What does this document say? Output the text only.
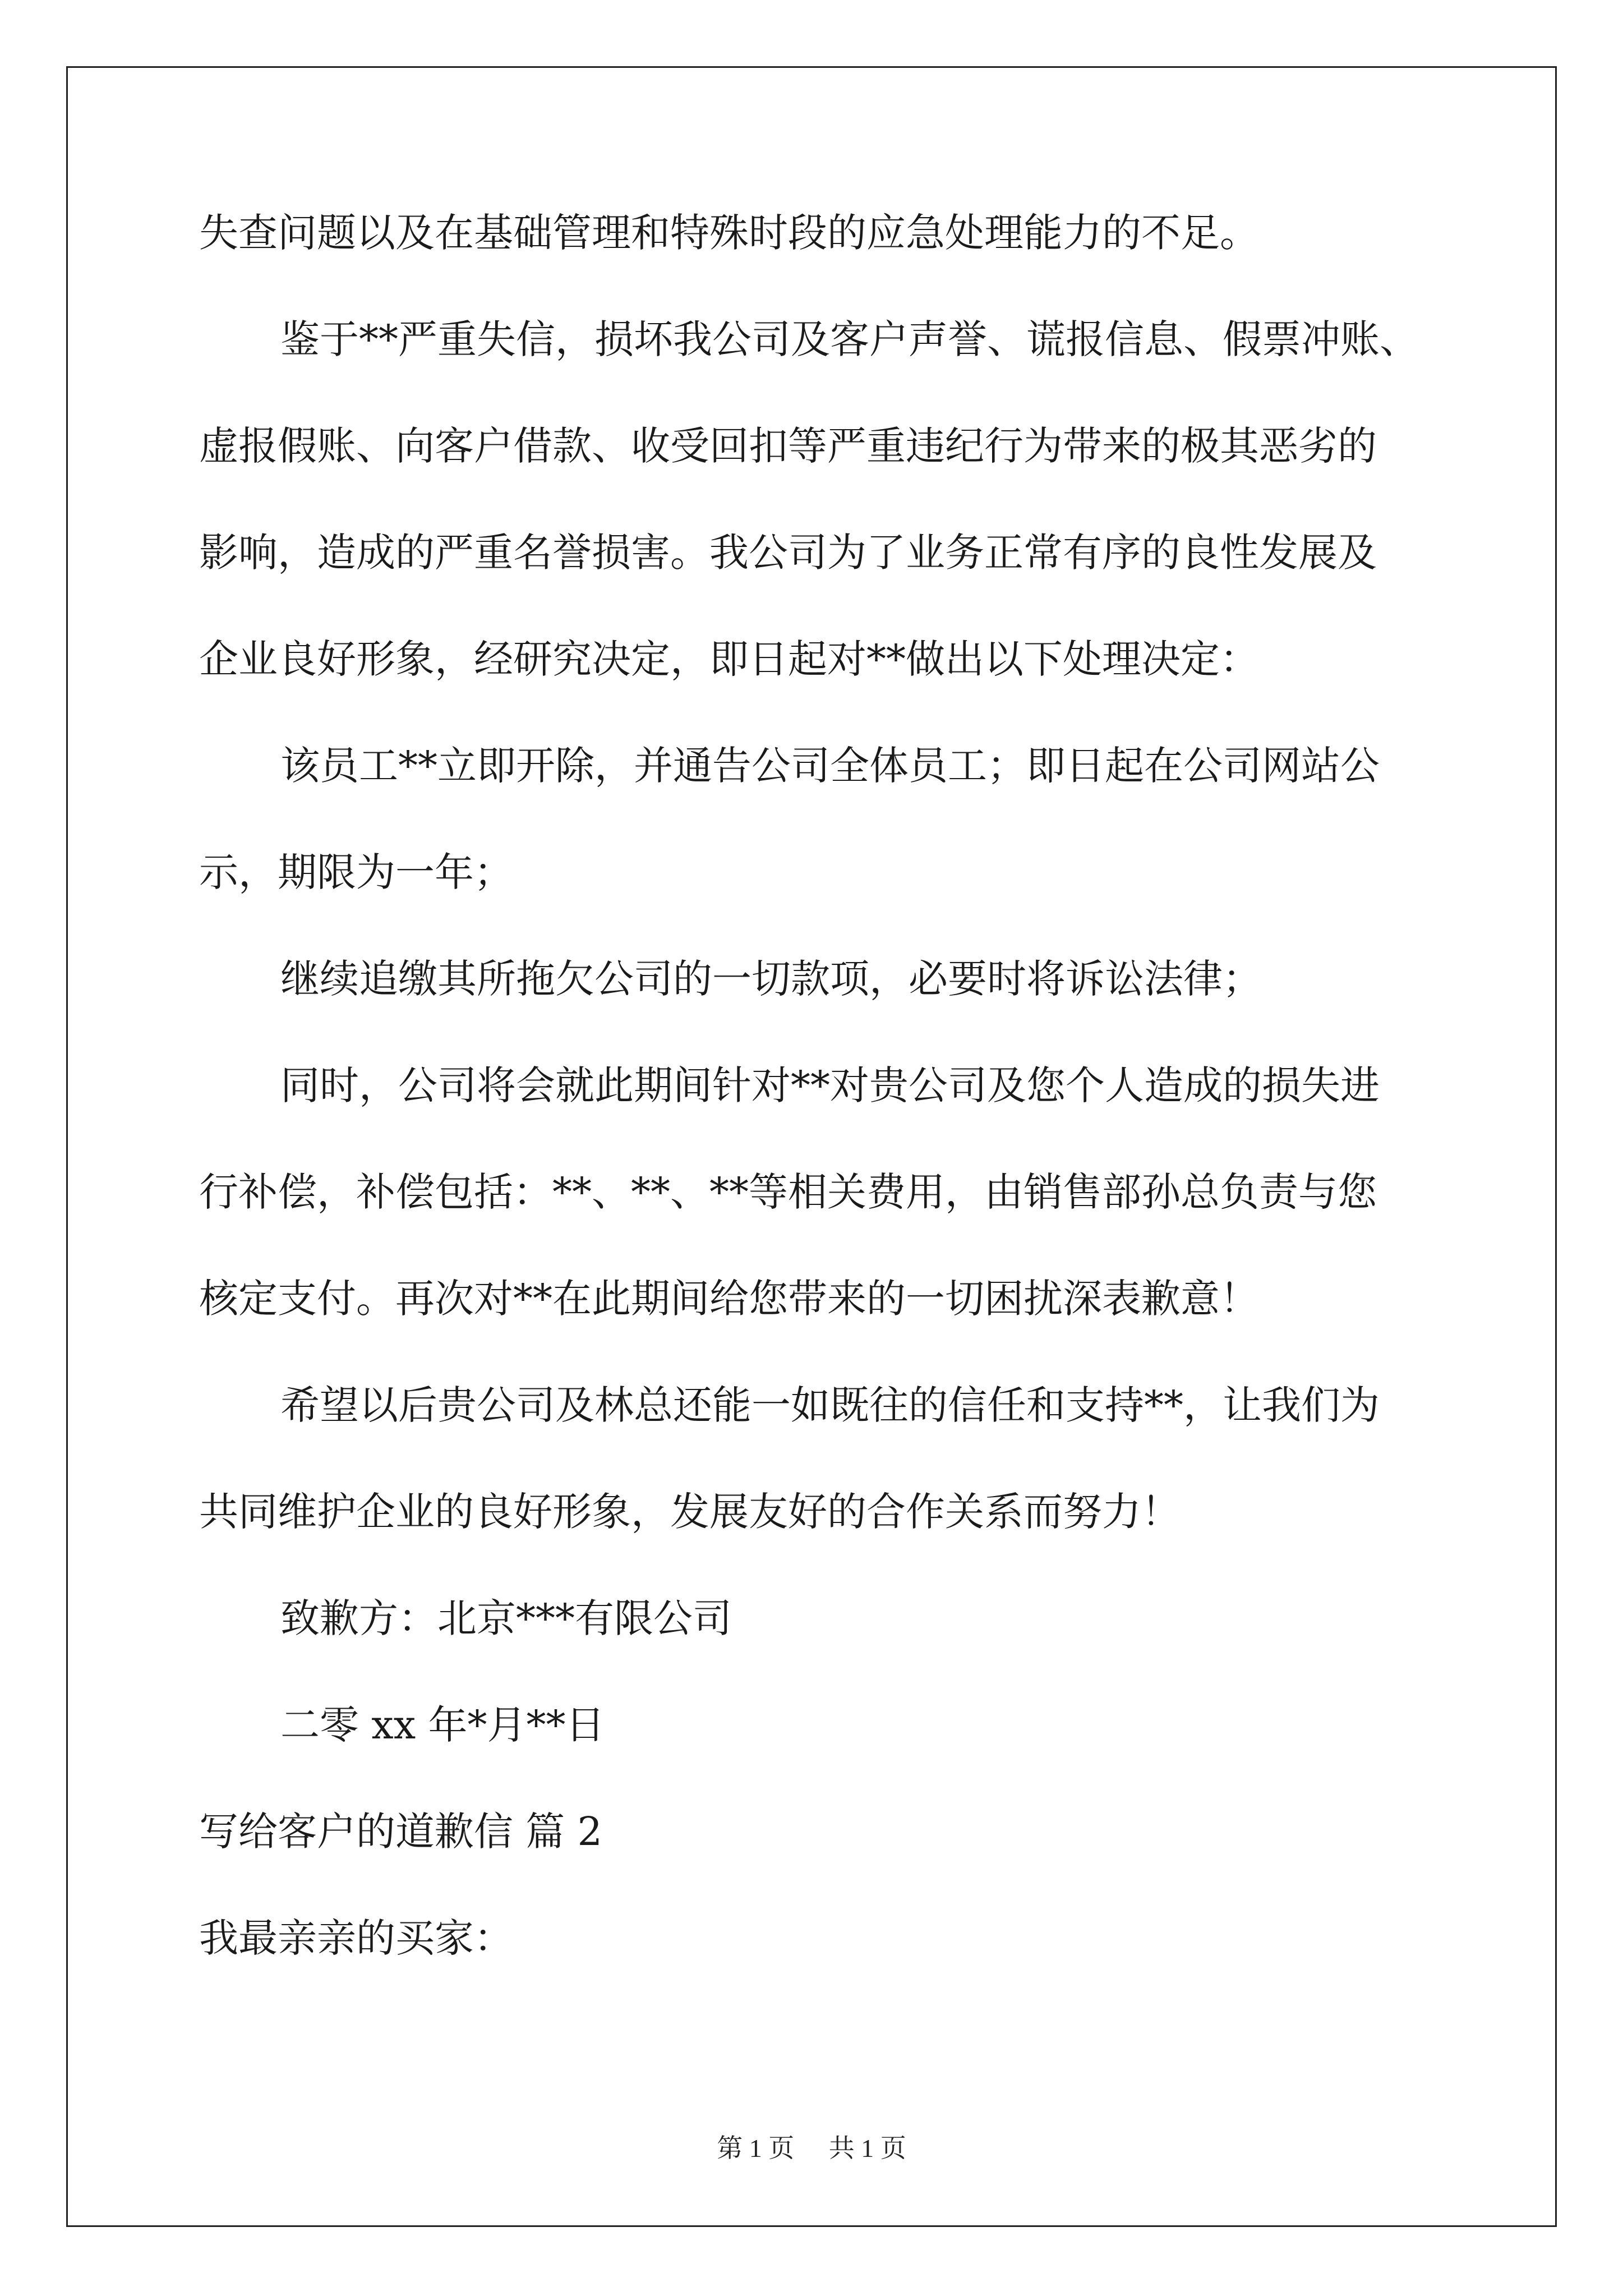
失查问题以及在基础管理和特殊时段的应急处理能力的不足。
鉴于**严重失信，损坏我公司及客户声誉、谎报信息、假票冲账、
虚报假账、向客户借款、收受回扣等严重违纪行为带来的极其恶劣的
影响，造成的严重名誉损害。我公司为了业务正常有序的良性发展及
企业良好形象，经研究决定，即日起对**做出以下处理决定：
该员工**立即开除，并通告公司全体员工；即日起在公司网站公
示，期限为一年；
继续追缴其所拖欠公司的一切款项，必要时将诉讼法律；
同时，公司将会就此期间针对**对贵公司及您个人造成的损失进
行补偿，补偿包括：**、**、**等相关费用，由销售部孙总负责与您
核定支付。再次对**在此期间给您带来的一切困扰深表歉意！
希望以后贵公司及林总还能一如既往的信任和支持**，让我们为
共同维护企业的良好形象，发展友好的合作关系而努力！
致歉方：北京***有限公司
二零 xx 年*月**日
写给客户的道歉信 篇 2
我最亲亲的买家：
第 1 页 共 1 页
